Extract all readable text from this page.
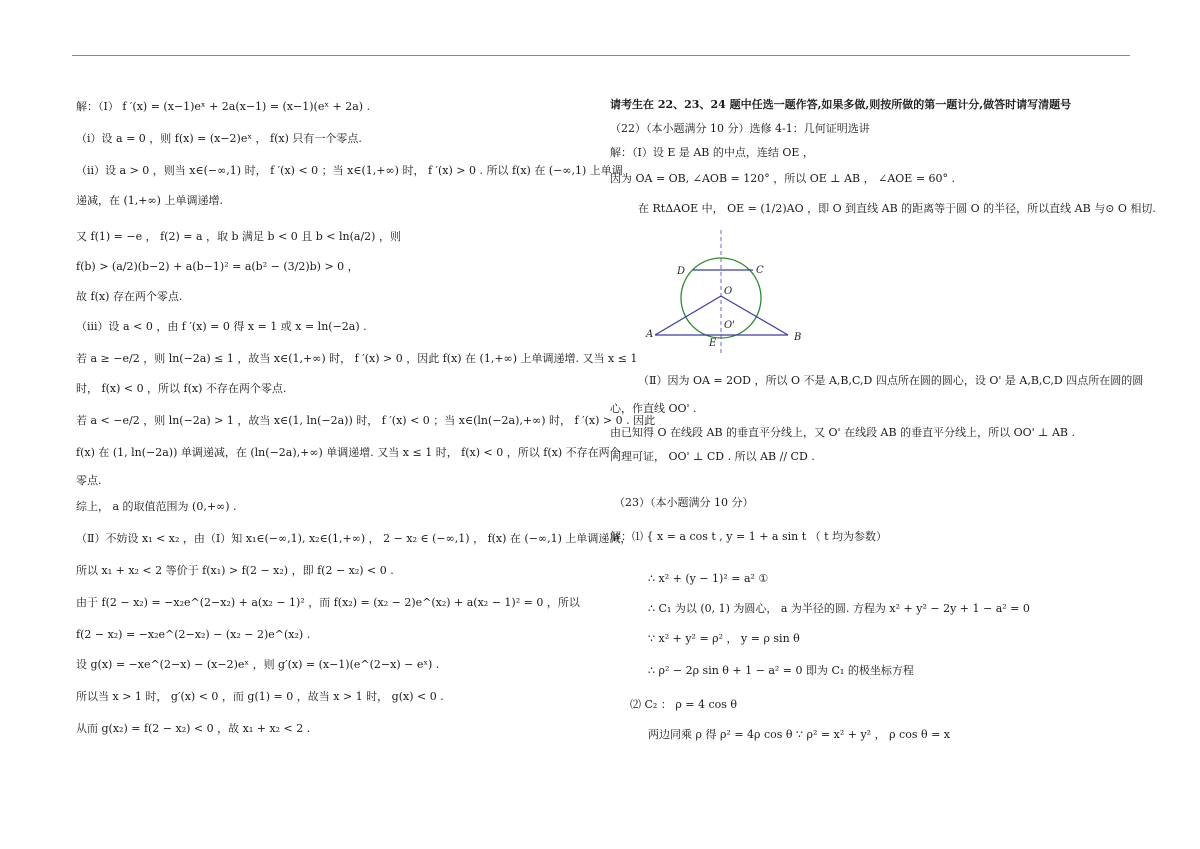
解：（Ⅰ） f ′(x) = (x−1)eˣ + 2a(x−1) = (x−1)(eˣ + 2a) .
（i）设 a = 0 ，则 f(x) = (x−2)eˣ ， f(x) 只有一个零点.
（ii）设 a > 0 ，则当 x∈(−∞,1) 时， f ′(x) < 0 ；当 x∈(1,+∞) 时， f ′(x) > 0 . 所以 f(x) 在 (−∞,1) 上单调
递减，在 (1,+∞) 上单调递增.
又 f(1) = −e ， f(2) = a ，取 b 满足 b < 0 且 b < ln(a/2) ，则
f(b) > (a/2)(b−2) + a(b−1)² = a(b² − (3/2)b) > 0 ，
故 f(x) 存在两个零点.
（iii）设 a < 0 ，由 f ′(x) = 0 得 x = 1 或 x = ln(−2a) .
若 a ≥ −e/2 ，则 ln(−2a) ≤ 1 ，故当 x∈(1,+∞) 时， f ′(x) > 0 ，因此 f(x) 在 (1,+∞) 上单调递增. 又当 x ≤ 1
时， f(x) < 0 ，所以 f(x) 不存在两个零点.
若 a < −e/2 ，则 ln(−2a) > 1 ，故当 x∈(1, ln(−2a)) 时， f ′(x) < 0 ；当 x∈(ln(−2a),+∞) 时， f ′(x) > 0 . 因此
f(x) 在 (1, ln(−2a)) 单调递减，在 (ln(−2a),+∞) 单调递增. 又当 x ≤ 1 时， f(x) < 0 ，所以 f(x) 不存在两个
零点.
综上， a 的取值范围为 (0,+∞) .
（Ⅱ）不妨设 x₁ < x₂ ，由（Ⅰ）知 x₁∈(−∞,1), x₂∈(1,+∞) ， 2 − x₂ ∈ (−∞,1) ， f(x) 在 (−∞,1) 上单调递减，
所以 x₁ + x₂ < 2 等价于 f(x₁) > f(2 − x₂) ，即 f(2 − x₂) < 0 .
由于 f(2 − x₂) = −x₂e^(2−x₂) + a(x₂ − 1)² ，而 f(x₂) = (x₂ − 2)e^(x₂) + a(x₂ − 1)² = 0 ，所以
f(2 − x₂) = −x₂e^(2−x₂) − (x₂ − 2)e^(x₂) .
设 g(x) = −xe^(2−x) − (x−2)eˣ ，则 g′(x) = (x−1)(e^(2−x) − eˣ) .
所以当 x > 1 时， g′(x) < 0 ，而 g(1) = 0 ，故当 x > 1 时， g(x) < 0 .
从而 g(x₂) = f(2 − x₂) < 0 ，故 x₁ + x₂ < 2 .
请考生在 22、23、24 题中任选一题作答,如果多做,则按所做的第一题计分,做答时请写清题号
（22）（本小题满分 10 分）选修 4-1：几何证明选讲
解：（Ⅰ）设 E 是 AB 的中点，连结 OE ，
因为 OA = OB, ∠AOB = 120° ，所以 OE ⊥ AB ， ∠AOE = 60° .
在 RtΔAOE 中， OE = (1/2)AO ，即 O 到直线 AB 的距离等于圆 O 的半径，所以直线 AB 与⊙ O 相切.
D	C
O
O'
A	B
E
（Ⅱ）因为 OA = 2OD ，所以 O 不是 A,B,C,D 四点所在圆的圆心，设 O' 是 A,B,C,D 四点所在圆的圆
心，作直线 OO' .
由已知得 O 在线段 AB 的垂直平分线上，又 O' 在线段 AB 的垂直平分线上，所以 OO' ⊥ AB .
同理可证， OO' ⊥ CD . 所以 AB // CD .
（23）（本小题满分 10 分）
解：⑴ { x = a cos t , y = 1 + a sin t （ t 均为参数）
∴ x² + (y − 1)² = a² ①
∴ C₁ 为以 (0, 1) 为圆心， a 为半径的圆. 方程为 x² + y² − 2y + 1 − a² = 0
∵ x² + y² = ρ² ， y = ρ sin θ
∴ ρ² − 2ρ sin θ + 1 − a² = 0 即为 C₁ 的极坐标方程
⑵ C₂ ： ρ = 4 cos θ
两边同乘 ρ 得 ρ² = 4ρ cos θ ∵ ρ² = x² + y² ， ρ cos θ = x
